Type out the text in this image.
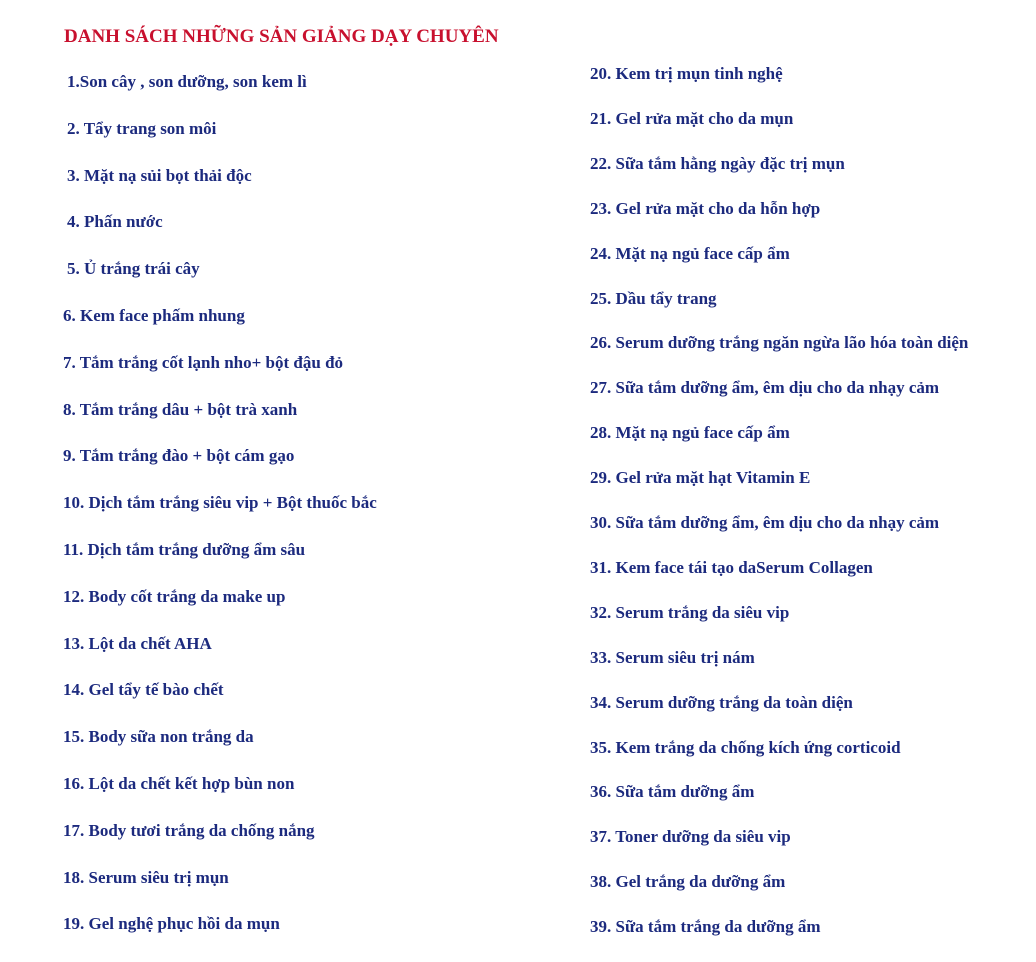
DANH SÁCH NHỮNG SẢN GIẢNG DẠY CHUYÊN
1.Son cây , son dưỡng, son kem lì
2. Tẩy trang son môi
3. Mặt nạ sủi bọt thải độc
4. Phấn nước
5. Ủ trắng trái cây
6. Kem face phấm nhung
7. Tắm trắng cốt lạnh nho+ bột đậu đỏ
8. Tắm trắng dâu + bột trà xanh
9. Tắm trắng đào + bột cám gạo
10. Dịch tắm trắng siêu vip + Bột thuốc bắc
11. Dịch tắm trắng dưỡng ẩm sâu
12. Body cốt trắng da make up
13. Lột da chết AHA
14. Gel tẩy tế bào chết
15. Body sữa non trắng da
16. Lột da chết kết hợp bùn non
17. Body tươi trắng da chống nắng
18. Serum siêu trị mụn
19. Gel nghệ phục hồi da mụn
20. Kem trị mụn tinh nghệ
21. Gel rửa mặt cho da mụn
22. Sữa tắm hằng ngày đặc trị mụn
23. Gel rửa mặt cho da hỗn hợp
24. Mặt nạ ngủ face cấp ẩm
25. Dầu tẩy trang
26. Serum dưỡng trắng ngăn ngừa lão hóa toàn diện
27. Sữa tắm dưỡng ẩm, êm dịu cho da nhạy cảm
28. Mặt nạ ngủ face cấp ẩm
29. Gel rửa mặt hạt Vitamin E
30. Sữa tắm dưỡng ẩm, êm dịu cho da nhạy cảm
31. Kem face tái tạo daSerum Collagen
32. Serum trắng da siêu vip
33. Serum siêu trị nám
34. Serum dưỡng trắng da toàn diện
35. Kem trắng da chống kích ứng corticoid
36. Sữa tắm dưỡng ẩm
37. Toner dưỡng da siêu vip
38. Gel trắng da dưỡng ẩm
39. Sữa tắm trắng da dưỡng ẩm
